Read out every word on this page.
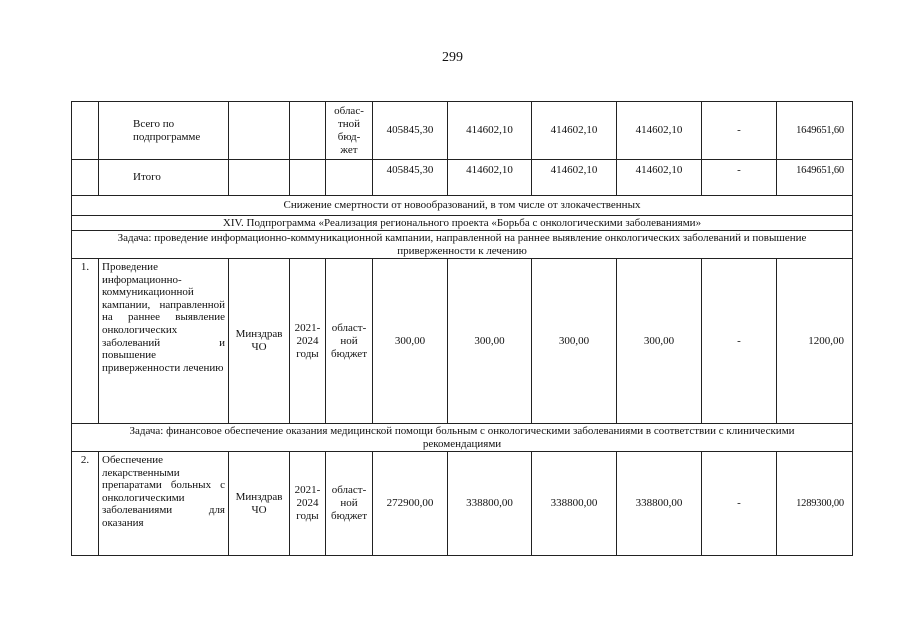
299
	Всего по
подпрограмме			облас-
тной
бюд-
жет	405845,30	414602,10	414602,10	414602,10	-	1649651,60
	Итого				405845,30	414602,10	414602,10	414602,10	-	1649651,60
Снижение смертности от новообразований, в том числе от злокачественных										
XIV. Подпрограмма «Реализация регионального проекта «Борьба с онкологическими заболеваниями»										
Задача: проведение информационно-коммуникационной кампании, направленной на раннее выявление онкологических заболеваний и повышение приверженности к лечению										
1.	Проведение информационно-коммуникационной кампании, направленной на раннее выявление онкологических заболеваний и повышение приверженности лечению	Минздрав
ЧО	2021-
2024
годы	област-
ной
бюджет	300,00	300,00	300,00	300,00	-	1200,00
Задача: финансовое обеспечение оказания медицинской помощи больным с онкологическими заболеваниями в соответствии с клиническими рекомендациями										
2.	Обеспечение лекарственными препаратами больных с онкологическими заболеваниями для оказания	Минздрав
ЧО	2021-
2024
годы	област-
ной
бюджет	272900,00	338800,00	338800,00	338800,00	-	1289300,00
